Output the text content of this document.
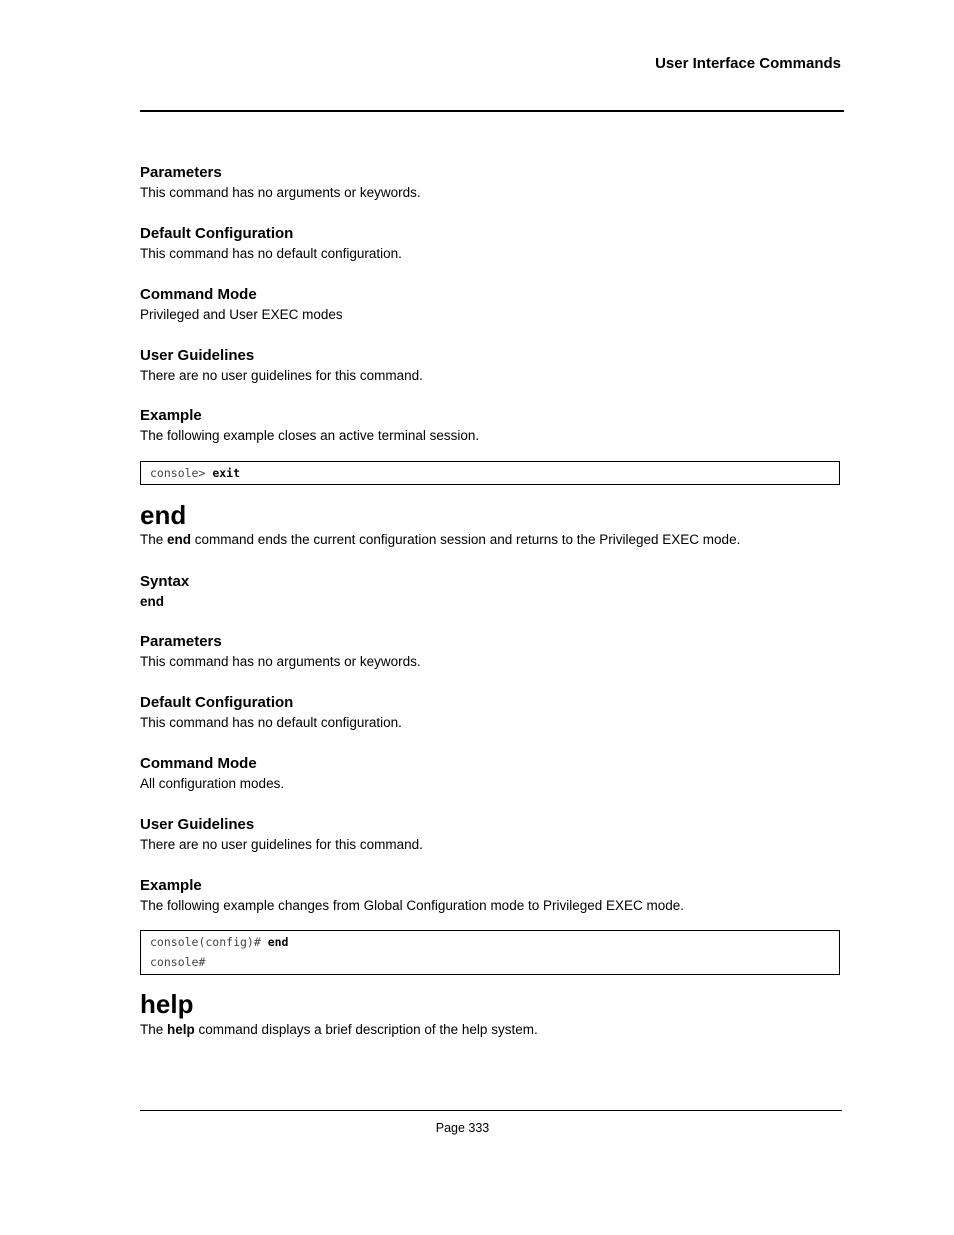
User Interface Commands
Parameters
This command has no arguments or keywords.
Default Configuration
This command has no default configuration.
Command Mode
Privileged and User EXEC modes
User Guidelines
There are no user guidelines for this command.
Example
The following example closes an active terminal session.
console> exit
end
The end command ends the current configuration session and returns to the Privileged EXEC mode.
Syntax
end
Parameters
This command has no arguments or keywords.
Default Configuration
This command has no default configuration.
Command Mode
All configuration modes.
User Guidelines
There are no user guidelines for this command.
Example
The following example changes from Global Configuration mode to Privileged EXEC mode.
console(config)# end
console#
help
The help command displays a brief description of the help system.
Page 333
